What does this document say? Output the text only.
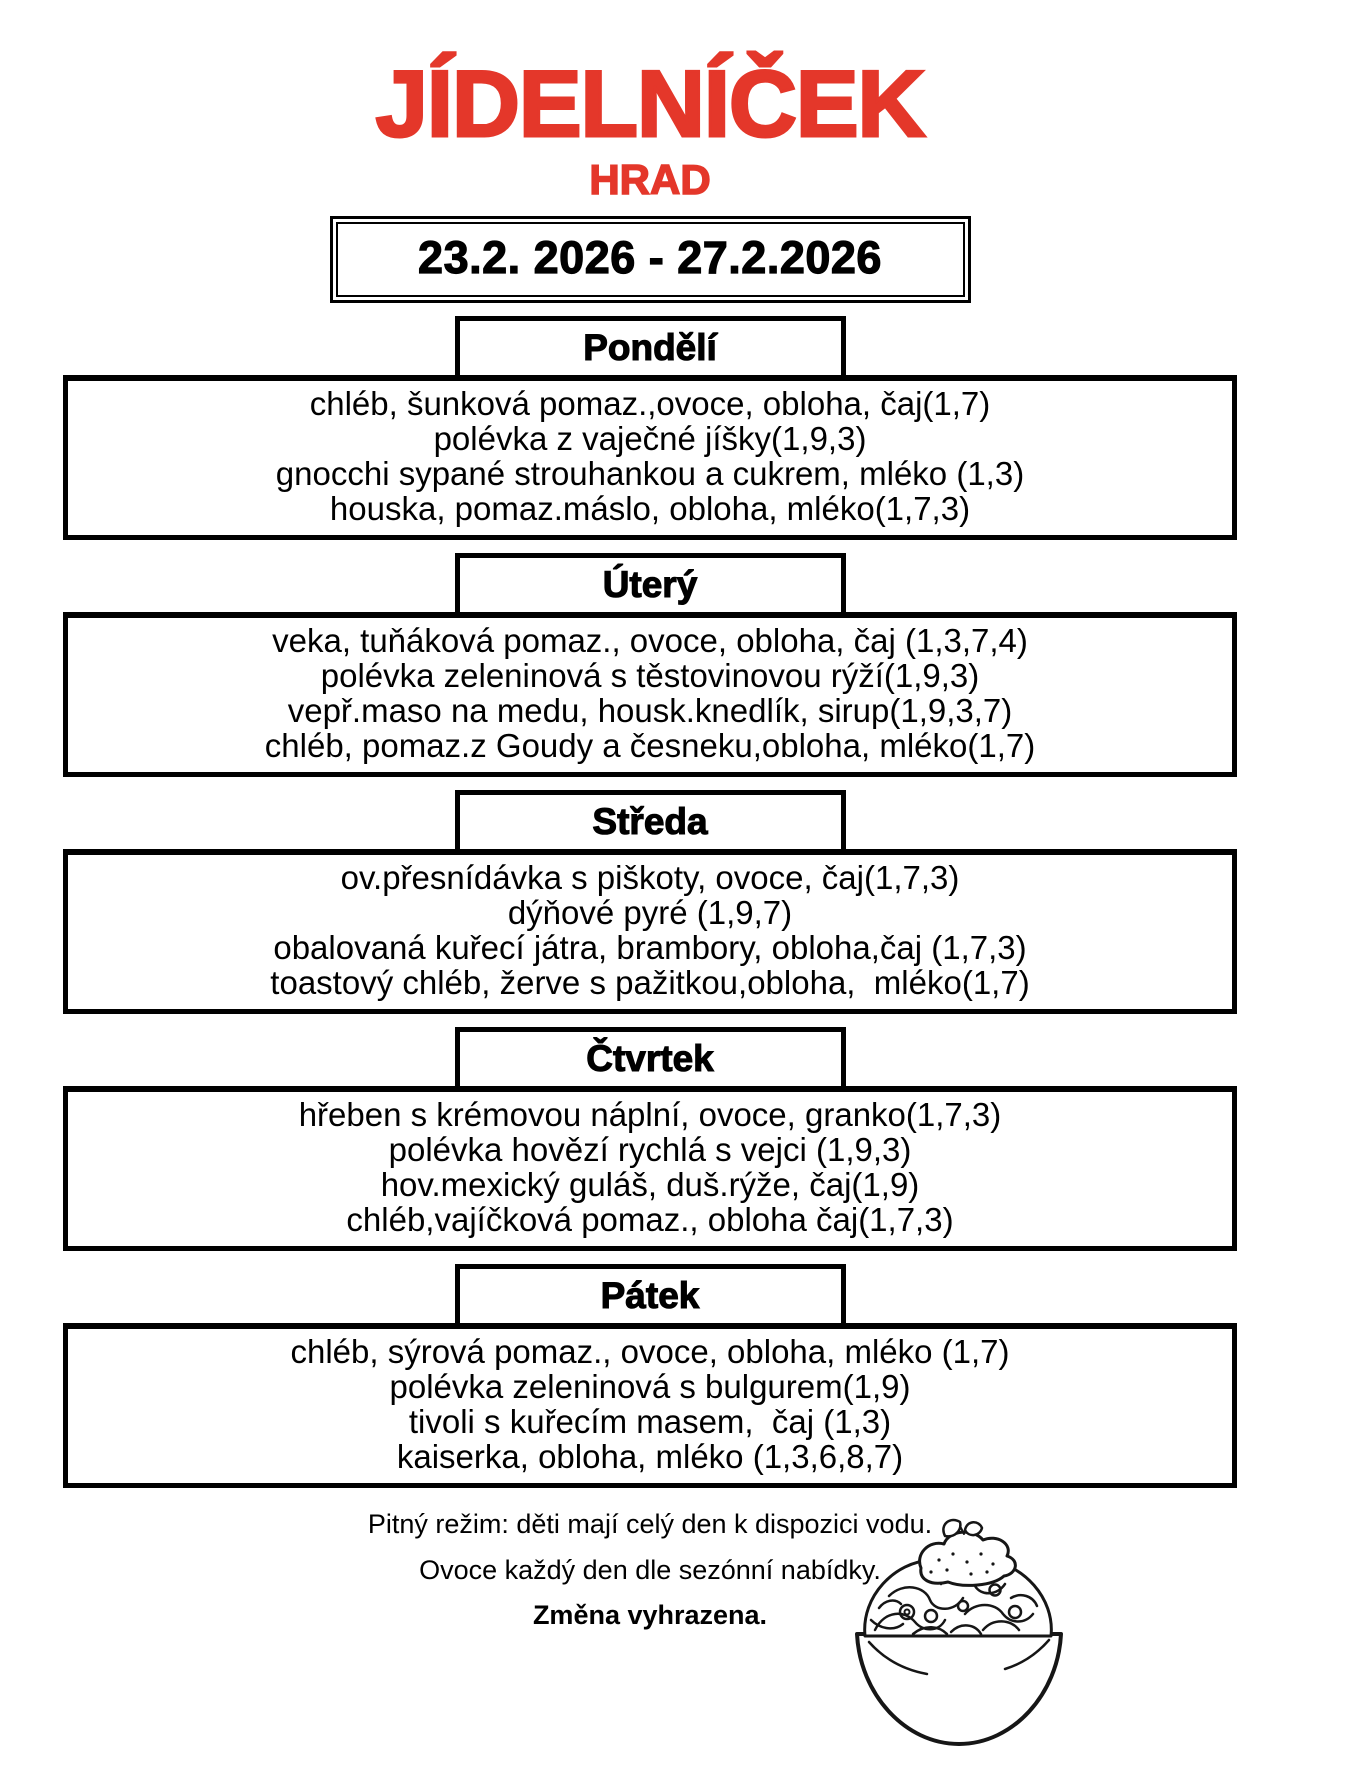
JÍDELNÍČEK
HRAD
23.2. 2026 - 27.2.2026
Pondělí
chléb, šunková pomaz.,ovoce, obloha, čaj(1,7)
polévka z vaječné jíšky(1,9,3)
gnocchi sypané strouhankou a cukrem, mléko (1,3)
houska, pomaz.máslo, obloha, mléko(1,7,3)
Úterý
veka, tuňáková pomaz., ovoce, obloha, čaj (1,3,7,4)
polévka zeleninová s těstovinovou rýží(1,9,3)
vepř.maso na medu, housk.knedlík, sirup(1,9,3,7)
chléb, pomaz.z Goudy a česneku,obloha, mléko(1,7)
Středa
ov.přesnídávka s piškoty, ovoce, čaj(1,7,3)
dýňové pyré (1,9,7)
obalovaná kuřecí játra, brambory, obloha,čaj (1,7,3)
toastový chléb, žerve s pažitkou,obloha,  mléko(1,7)
Čtvrtek
hřeben s krémovou náplní, ovoce, granko(1,7,3)
polévka hovězí rychlá s vejci (1,9,3)
hov.mexický guláš, duš.rýže, čaj(1,9)
chléb,vajíčková pomaz., obloha čaj(1,7,3)
Pátek
chléb, sýrová pomaz., ovoce, obloha, mléko (1,7)
polévka zeleninová s bulgurem(1,9)
tivoli s kuřecím masem,  čaj (1,3)
kaiserka, obloha, mléko (1,3,6,8,7)
Pitný režim: děti mají celý den k dispozici vodu.
Ovoce každý den dle sezónní nabídky.
Změna vyhrazena.
